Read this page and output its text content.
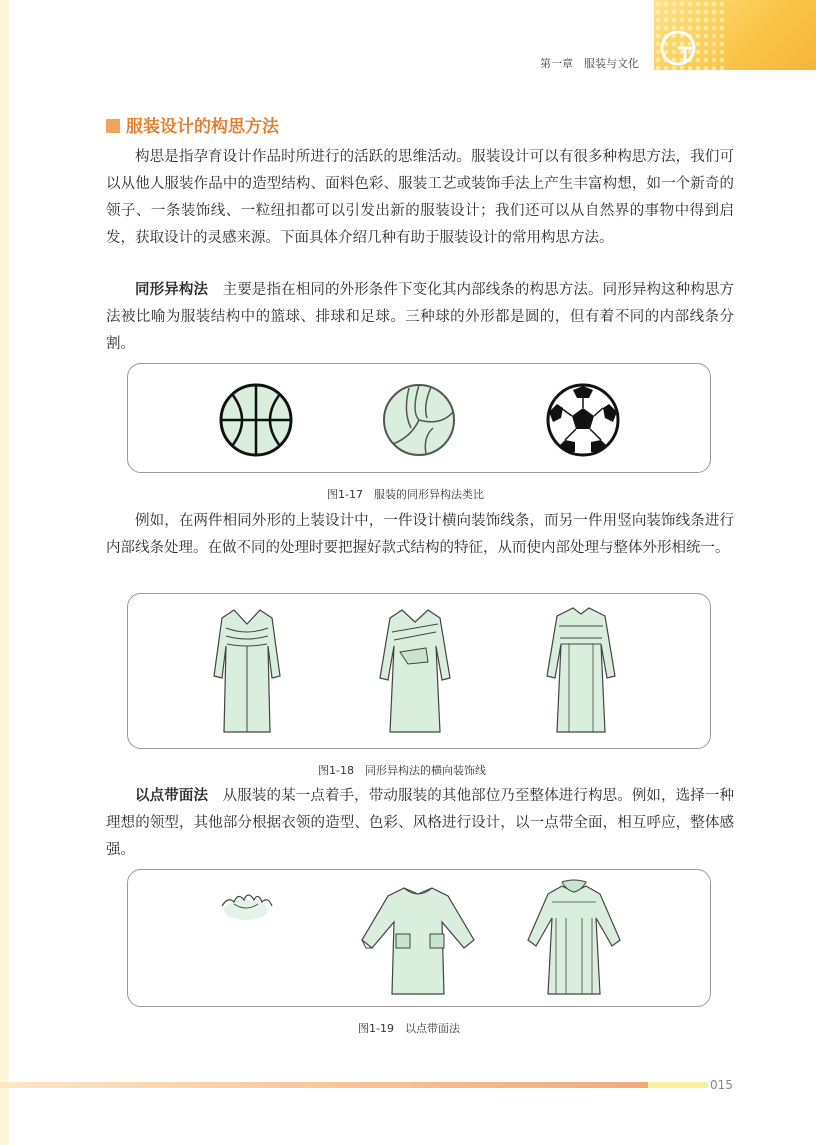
第一章　服装与文化
服装设计的构思方法

构思是指孕育设计作品时所进行的活跃的思维活动。服装设计可以有很多种构思方法，我们可以从他人服装作品中的造型结构、面料色彩、服装工艺或装饰手法上产生丰富构想，如一个新奇的领子、一条装饰线、一粒纽扣都可以引发出新的服装设计；我们还可以从自然界的事物中得到启发，获取设计的灵感来源。下面具体介绍几种有助于服装设计的常用构思方法。

同形异构法　主要是指在相同的外形条件下变化其内部线条的构思方法。同形异构这种构思方法被比喻为服装结构中的篮球、排球和足球。三种球的外形都是圆的，但有着不同的内部线条分割。

图1-17　服装的同形异构法类比

例如，在两件相同外形的上装设计中，一件设计横向装饰线条，而另一件用竖向装饰线条进行内部线条处理。在做不同的处理时要把握好款式结构的特征，从而使内部处理与整体外形相统一。

图1-18　同形异构法的横向装饰线

以点带面法　从服装的某一点着手，带动服装的其他部位乃至整体进行构思。例如，选择一种理想的领型，其他部分根据衣领的造型、色彩、风格进行设计，以一点带全面，相互呼应，整体感强。

图1-19　以点带面法
015
